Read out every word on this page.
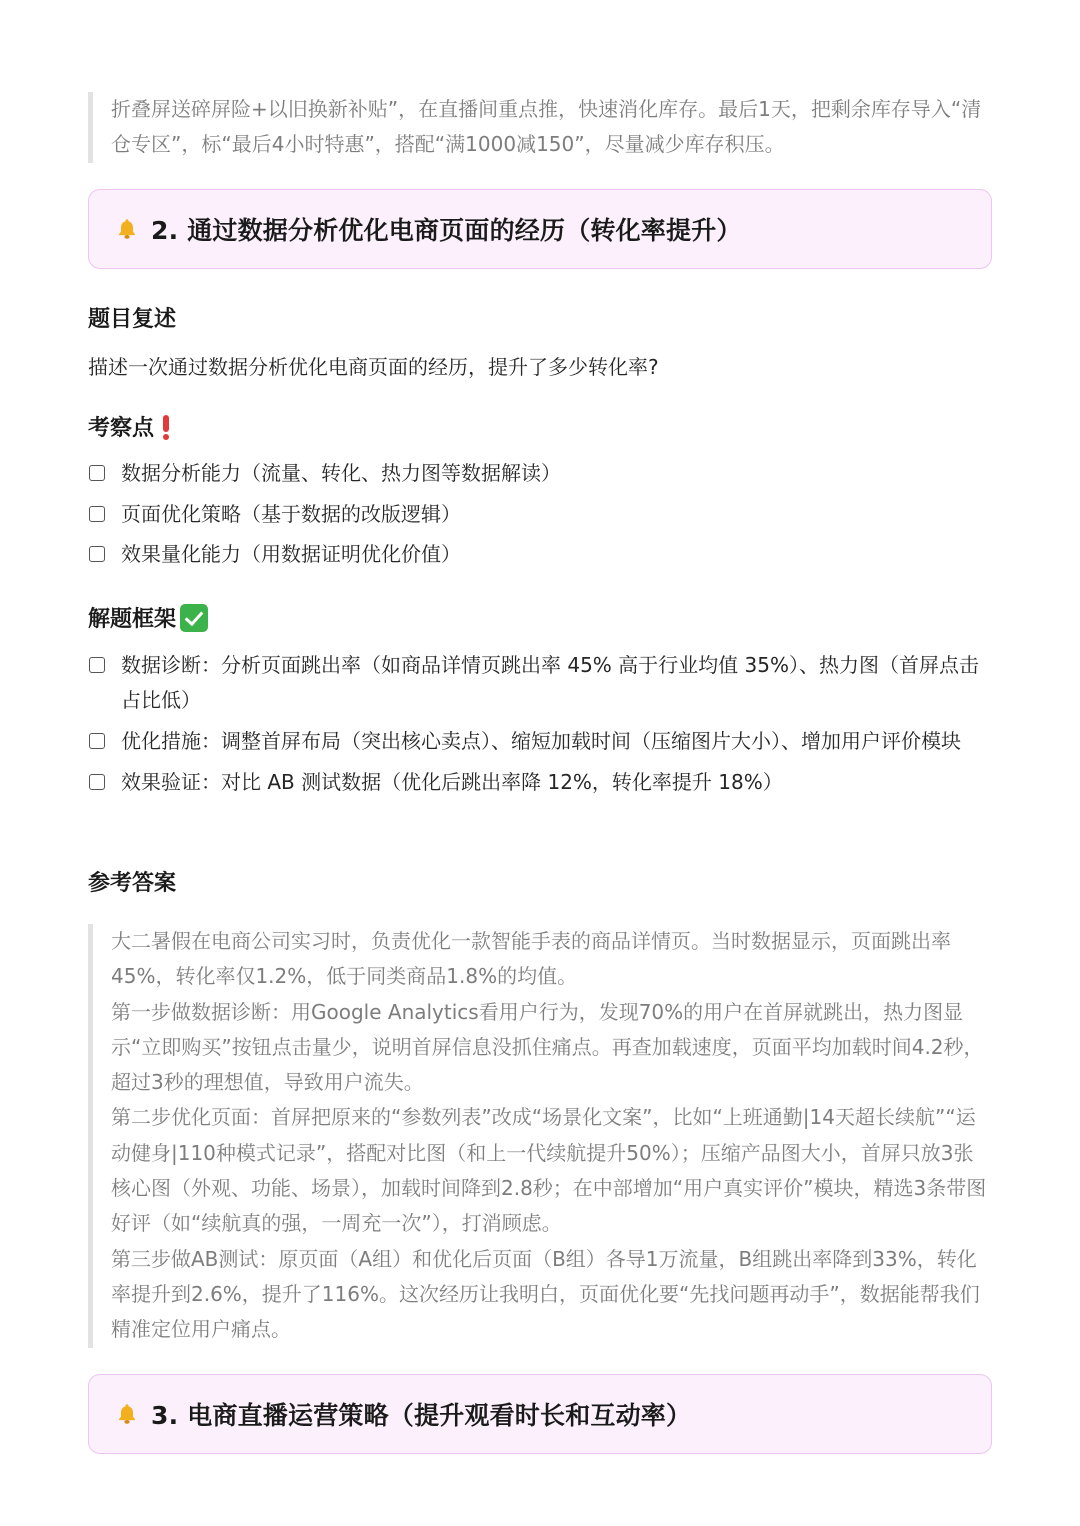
折叠屏送碎屏险+以旧换新补贴”，在直播间重点推，快速消化库存。最后1天，把剩余库存导入“清仓专区”，标“最后4小时特惠”，搭配“满1000减150”，尽量减少库存积压。

2. 通过数据分析优化电商页面的经历（转化率提升）
题目复述
描述一次通过数据分析优化电商页面的经历，提升了多少转化率?
考察点
数据分析能力（流量、转化、热力图等数据解读）
页面优化策略（基于数据的改版逻辑）
效果量化能力（用数据证明优化价值）
解题框架
数据诊断：分析页面跳出率（如商品详情页跳出率 45% 高于行业均值 35%）、热力图（首屏点击占比低）
优化措施：调整首屏布局（突出核心卖点）、缩短加载时间（压缩图片大小）、增加用户评价模块
效果验证：对比 AB 测试数据（优化后跳出率降 12%，转化率提升 18%）
参考答案

大二暑假在电商公司实习时，负责优化一款智能手表的商品详情页。当时数据显示，页面跳出率45%，转化率仅1.2%，低于同类商品1.8%的均值。

第一步做数据诊断：用Google Analytics看用户行为，发现70%的用户在首屏就跳出，热力图显示“立即购买”按钮点击量少，说明首屏信息没抓住痛点。再查加载速度，页面平均加载时间4.2秒，超过3秒的理想值，导致用户流失。

第二步优化页面：首屏把原来的“参数列表”改成“场景化文案”，比如“上班通勤|14天超长续航”“运动健身|110种模式记录”，搭配对比图（和上一代续航提升50%）；压缩产品图大小，首屏只放3张核心图（外观、功能、场景），加载时间降到2.8秒；在中部增加“用户真实评价”模块，精选3条带图好评（如“续航真的强，一周充一次”），打消顾虑。

第三步做AB测试：原页面（A组）和优化后页面（B组）各导1万流量，B组跳出率降到33%，转化率提升到2.6%，提升了116%。这次经历让我明白，页面优化要“先找问题再动手”，数据能帮我们精准定位用户痛点。

3. 电商直播运营策略（提升观看时长和互动率）
